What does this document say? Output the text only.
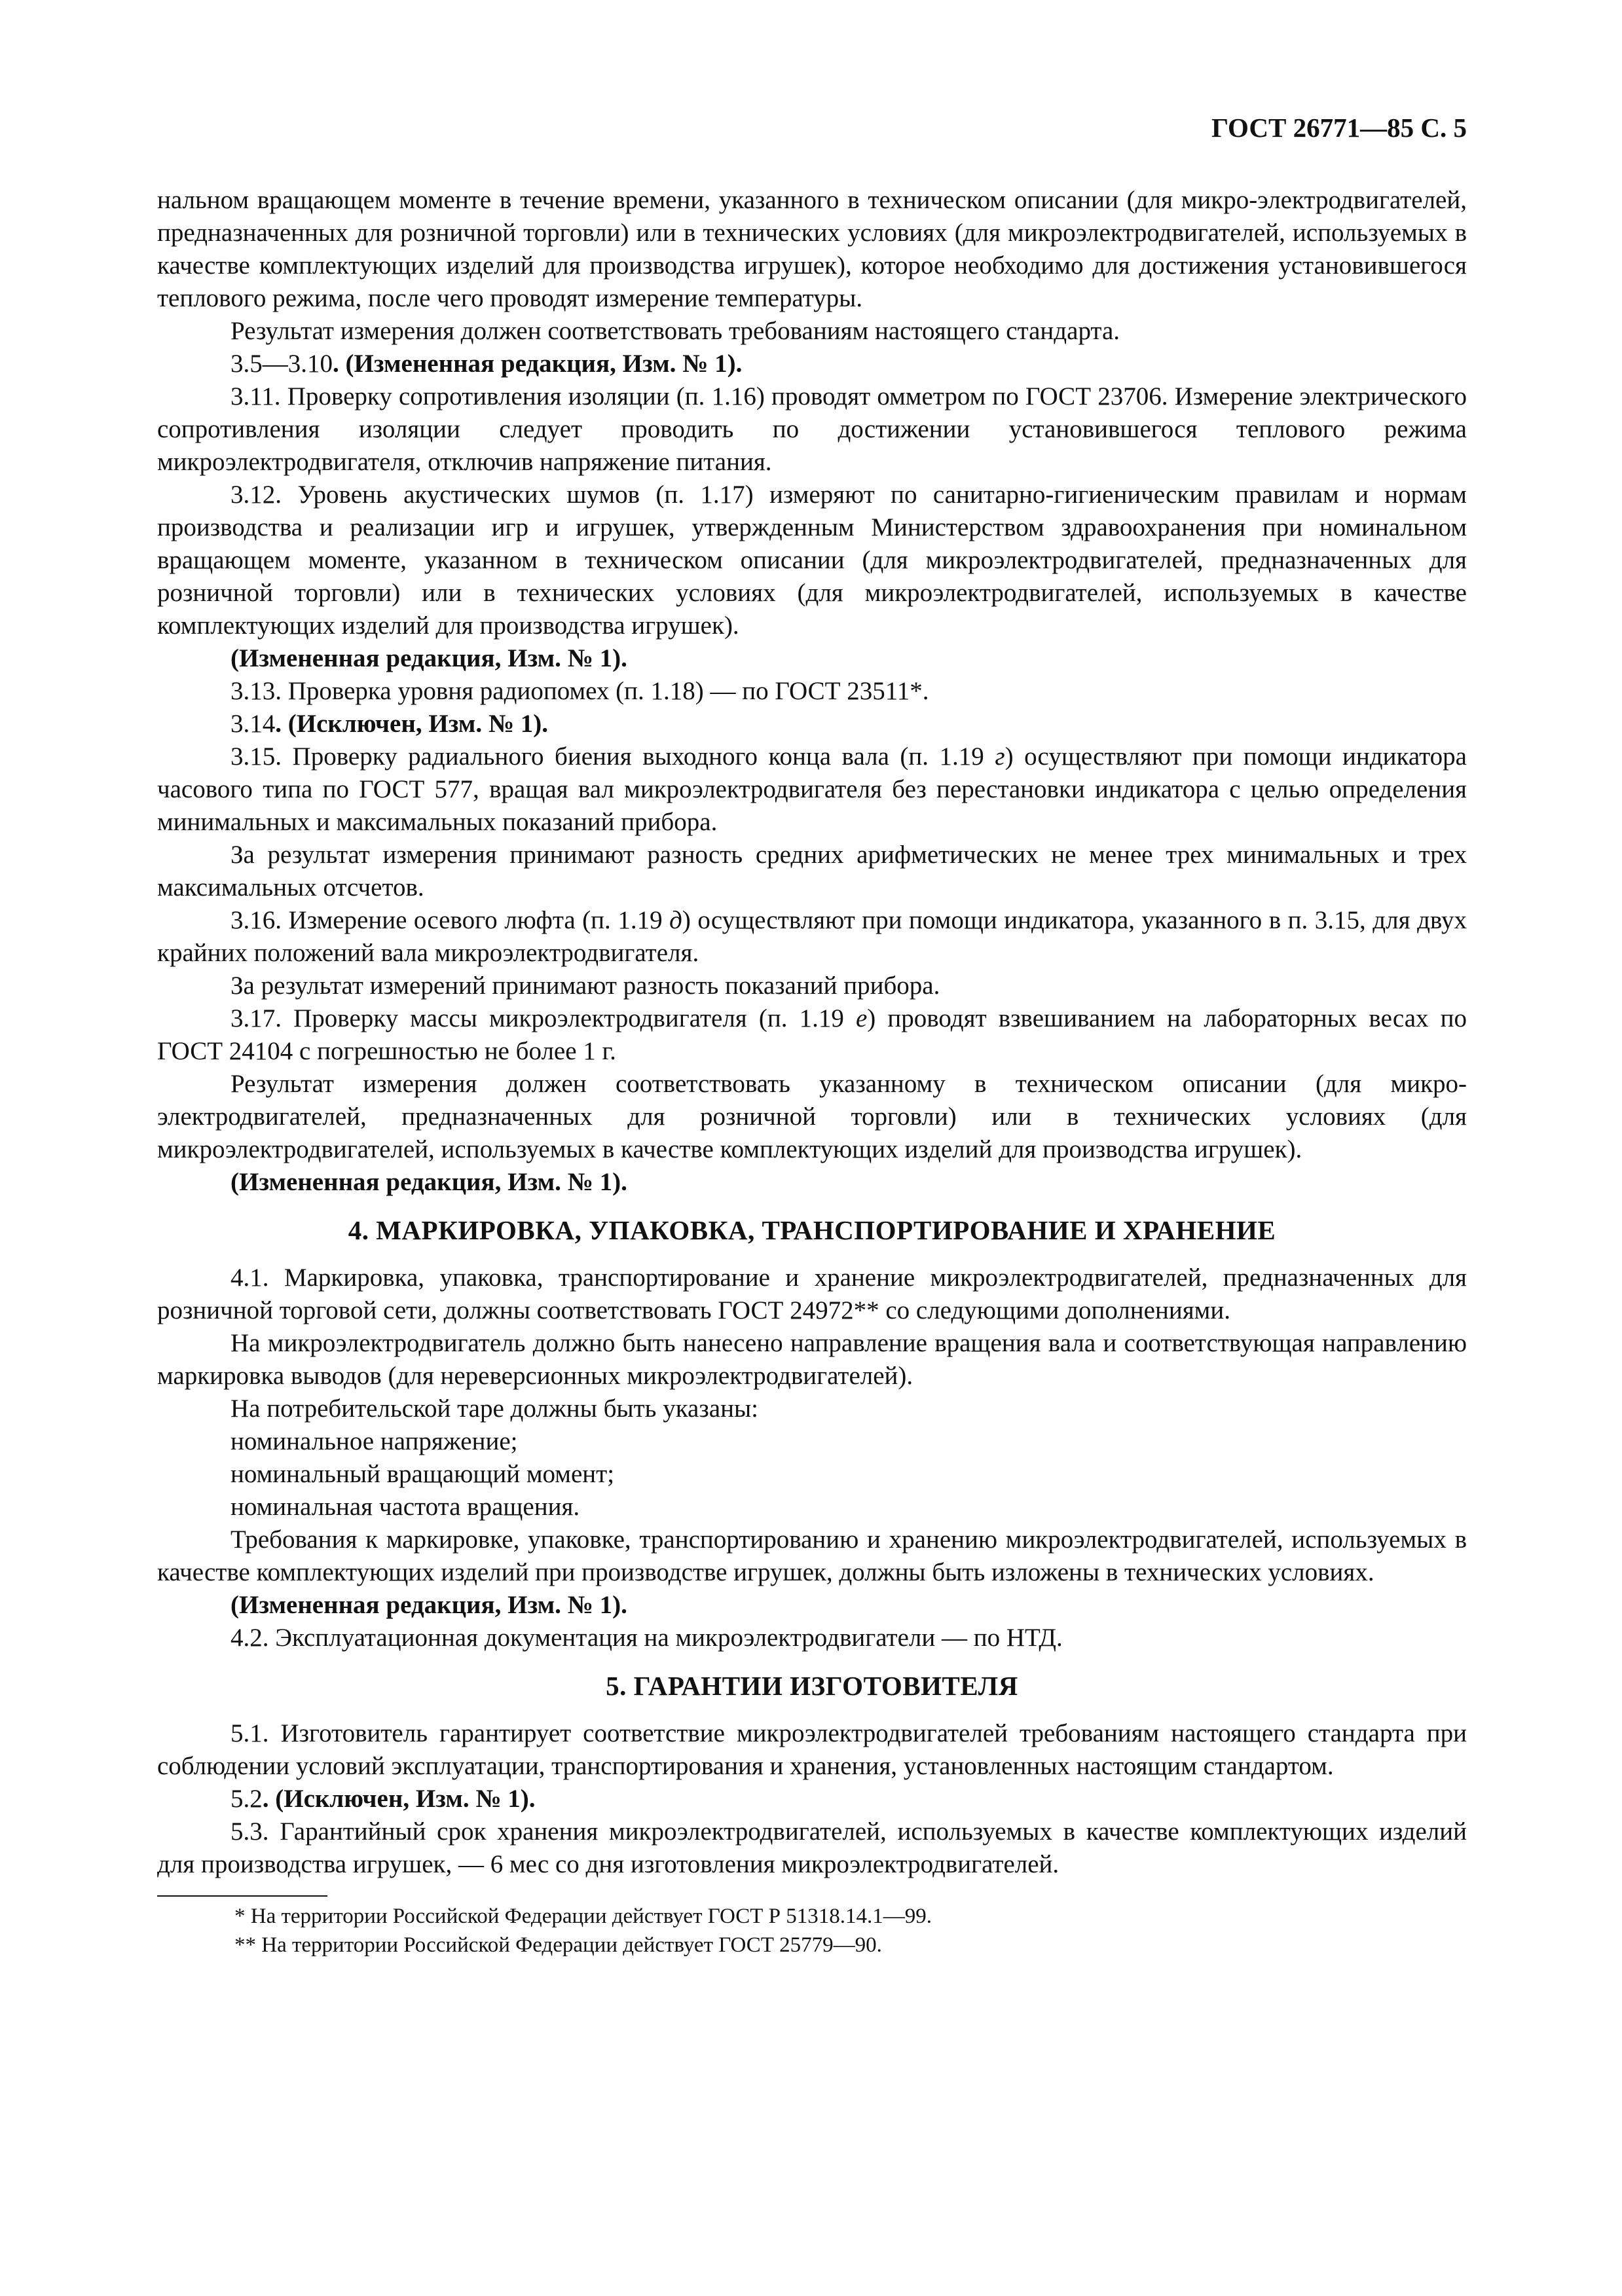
ГОСТ 26771—85 С. 5

нальном вращающем моменте в течение времени, указанного в техническом описании (для микро-электродвигателей, предназначенных для розничной торговли) или в технических условиях (для микроэлектродвигателей, используемых в качестве комплектующих изделий для производства игрушек), которое необходимо для достижения установившегося теплового режима, после чего проводят измерение температуры.

Результат измерения должен соответствовать требованиям настоящего стандарта.

3.5—3.10. (Измененная редакция, Изм. № 1).

3.11. Проверку сопротивления изоляции (п. 1.16) проводят омметром по ГОСТ 23706. Измерение электрического сопротивления изоляции следует проводить по достижении установившегося теплового режима микроэлектродвигателя, отключив напряжение питания.

3.12. Уровень акустических шумов (п. 1.17) измеряют по санитарно-гигиеническим правилам и нормам производства и реализации игр и игрушек, утвержденным Министерством здравоохранения при номинальном вращающем моменте, указанном в техническом описании (для микроэлектродвигателей, предназначенных для розничной торговли) или в технических условиях (для микроэлектродвигателей, используемых в качестве комплектующих изделий для производства игрушек).

(Измененная редакция, Изм. № 1).

3.13. Проверка уровня радиопомех (п. 1.18) — по ГОСТ 23511*.

3.14. (Исключен, Изм. № 1).

3.15. Проверку радиального биения выходного конца вала (п. 1.19 г) осуществляют при помощи индикатора часового типа по ГОСТ 577, вращая вал микроэлектродвигателя без перестановки индикатора с целью определения минимальных и максимальных показаний прибора.

За результат измерения принимают разность средних арифметических не менее трех минимальных и трех максимальных отсчетов.

3.16. Измерение осевого люфта (п. 1.19 д) осуществляют при помощи индикатора, указанного в п. 3.15, для двух крайних положений вала микроэлектродвигателя.

За результат измерений принимают разность показаний прибора.

3.17. Проверку массы микроэлектродвигателя (п. 1.19 е) проводят взвешиванием на лабораторных весах по ГОСТ 24104 с погрешностью не более 1 г.

Результат измерения должен соответствовать указанному в техническом описании (для микро-электродвигателей, предназначенных для розничной торговли) или в технических условиях (для микроэлектродвигателей, используемых в качестве комплектующих изделий для производства игрушек).

(Измененная редакция, Изм. № 1).

4. МАРКИРОВКА, УПАКОВКА, ТРАНСПОРТИРОВАНИЕ И ХРАНЕНИЕ

4.1. Маркировка, упаковка, транспортирование и хранение микроэлектродвигателей, предназначенных для розничной торговой сети, должны соответствовать ГОСТ 24972** со следующими дополнениями.

На микроэлектродвигатель должно быть нанесено направление вращения вала и соответствующая направлению маркировка выводов (для нереверсионных микроэлектродвигателей).

На потребительской таре должны быть указаны:

номинальное напряжение;

номинальный вращающий момент;

номинальная частота вращения.

Требования к маркировке, упаковке, транспортированию и хранению микроэлектродвигателей, используемых в качестве комплектующих изделий при производстве игрушек, должны быть изложены в технических условиях.

(Измененная редакция, Изм. № 1).

4.2. Эксплуатационная документация на микроэлектродвигатели — по НТД.

5. ГАРАНТИИ ИЗГОТОВИТЕЛЯ

5.1. Изготовитель гарантирует соответствие микроэлектродвигателей требованиям настоящего стандарта при соблюдении условий эксплуатации, транспортирования и хранения, установленных настоящим стандартом.

5.2. (Исключен, Изм. № 1).

5.3. Гарантийный срок хранения микроэлектродвигателей, используемых в качестве комплектующих изделий для производства игрушек, — 6 мес со дня изготовления микроэлектродвигателей.

* На территории Российской Федерации действует ГОСТ Р 51318.14.1—99.

** На территории Российской Федерации действует ГОСТ 25779—90.
